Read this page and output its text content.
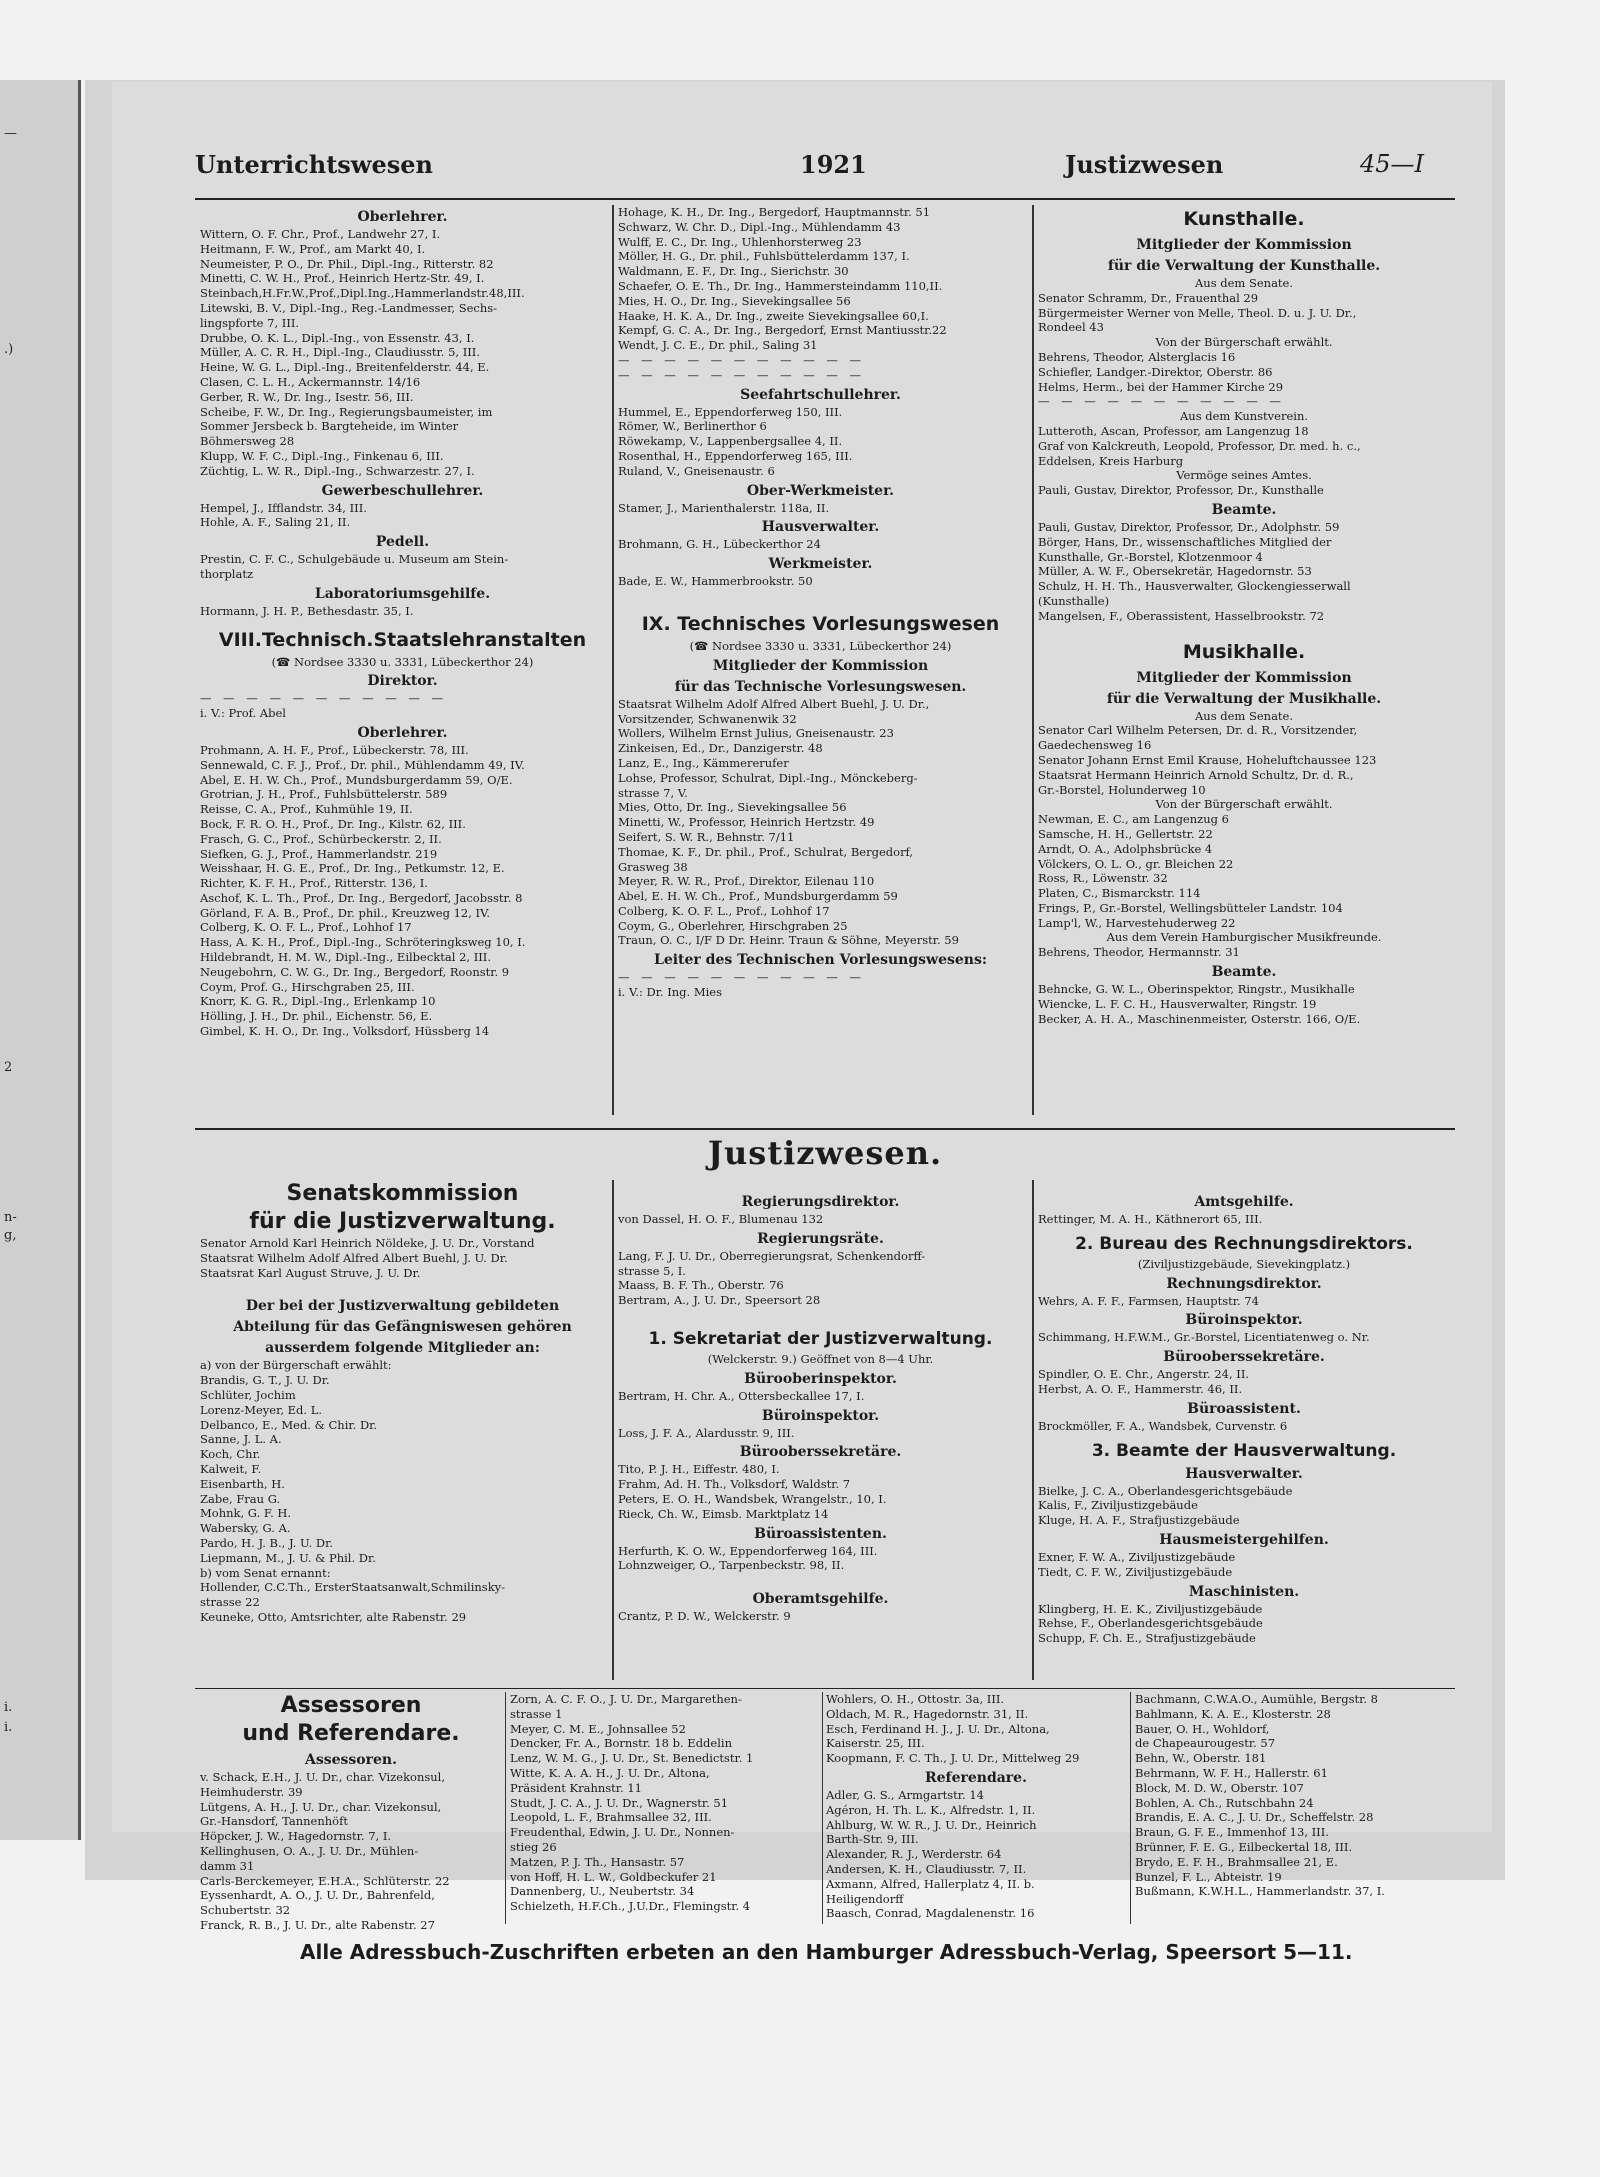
—
.)
2
n-
g,
i.
i.
Unterrichtswesen	1921	Justizwesen	45—I

Oberlehrer.

Wittern, O. F. Chr., Prof., Landwehr 27, I.

Heitmann, F. W., Prof., am Markt 40, I.

Neumeister, P. O., Dr. Phil., Dipl.-Ing., Ritterstr. 82

Minetti, C. W. H., Prof., Heinrich Hertz-Str. 49, I.

Steinbach,H.Fr.W.,Prof.,Dipl.Ing.,Hammerlandstr.48,III.

Litewski, B. V., Dipl.-Ing., Reg.-Landmesser, Sechs-

lingspforte 7, III.

Drubbe, O. K. L., Dipl.-Ing., von Essenstr. 43, I.

Müller, A. C. R. H., Dipl.-Ing., Claudiusstr. 5, III.

Heine, W. G. L., Dipl.-Ing., Breitenfelderstr. 44, E.

Clasen, C. L. H., Ackermannstr. 14/16

Gerber, R. W., Dr. Ing., Isestr. 56, III.

Scheibe, F. W., Dr. Ing., Regierungsbaumeister, im

Sommer Jersbeck b. Bargteheide, im Winter

Böhmersweg 28

Klupp, W. F. C., Dipl.-Ing., Finkenau 6, III.

Züchtig, L. W. R., Dipl.-Ing., Schwarzestr. 27, I.

Gewerbeschullehrer.

Hempel, J., Ifflandstr. 34, III.

Hohle, A. F., Saling 21, II.

Pedell.

Prestin, C. F. C., Schulgebäude u. Museum am Stein-

thorplatz

Laboratoriumsgehilfe.

Hormann, J. H. P., Bethesdastr. 35, I.

VIII.Technisch.Staatslehranstalten

(☎ Nordsee 3330 u. 3331, Lübeckerthor 24)

Direktor.

— — — — — — — — — — —

i. V.: Prof. Abel

Oberlehrer.

Prohmann, A. H. F., Prof., Lübeckerstr. 78, III.

Sennewald, C. F. J., Prof., Dr. phil., Mühlendamm 49, IV.

Abel, E. H. W. Ch., Prof., Mundsburgerdamm 59, O/E.

Grotrian, J. H., Prof., Fuhlsbüttelerstr. 589

Reisse, C. A., Prof., Kuhmühle 19, II.

Bock, F. R. O. H., Prof., Dr. Ing., Kilstr. 62, III.

Frasch, G. C., Prof., Schürbeckerstr. 2, II.

Siefken, G. J., Prof., Hammerlandstr. 219

Weisshaar, H. G. E., Prof., Dr. Ing., Petkumstr. 12, E.

Richter, K. F. H., Prof., Ritterstr. 136, I.

Aschof, K. L. Th., Prof., Dr. Ing., Bergedorf, Jacobsstr. 8

Görland, F. A. B., Prof., Dr. phil., Kreuzweg 12, IV.

Colberg, K. O. F. L., Prof., Lohhof 17

Hass, A. K. H., Prof., Dipl.-Ing., Schröteringksweg 10, I.

Hildebrandt, H. M. W., Dipl.-Ing., Eilbecktal 2, III.

Neugebohrn, C. W. G., Dr. Ing., Bergedorf, Roonstr. 9

Coym, Prof. G., Hirschgraben 25, III.

Knorr, K. G. R., Dipl.-Ing., Erlenkamp 10

Hölling, J. H., Dr. phil., Eichenstr. 56, E.

Gimbel, K. H. O., Dr. Ing., Volksdorf, Hüssberg 14

Hohage, K. H., Dr. Ing., Bergedorf, Hauptmannstr. 51

Schwarz, W. Chr. D., Dipl.-Ing., Mühlendamm 43

Wulff, E. C., Dr. Ing., Uhlenhorsterweg 23

Möller, H. G., Dr. phil., Fuhlsbüttelerdamm 137, I.

Waldmann, E. F., Dr. Ing., Sierichstr. 30

Schaefer, O. E. Th., Dr. Ing., Hammersteindamm 110,II.

Mies, H. O., Dr. Ing., Sievekingsallee 56

Haake, H. K. A., Dr. Ing., zweite Sievekingsallee 60,I.

Kempf, G. C. A., Dr. Ing., Bergedorf, Ernst Mantiusstr.22

Wendt, J. C. E., Dr. phil., Saling 31

— — — — — — — — — — —

— — — — — — — — — — —

Seefahrtschullehrer.

Hummel, E., Eppendorferweg 150, III.

Römer, W., Berlinerthor 6

Röwekamp, V., Lappenbergsallee 4, II.

Rosenthal, H., Eppendorferweg 165, III.

Ruland, V., Gneisenaustr. 6

Ober-Werkmeister.

Stamer, J., Marienthalerstr. 118a, II.

Hausverwalter.

Brohmann, G. H., Lübeckerthor 24

Werkmeister.

Bade, E. W., Hammerbrookstr. 50

IX. Technisches Vorlesungswesen

(☎ Nordsee 3330 u. 3331, Lübeckerthor 24)

Mitglieder der Kommission

für das Technische Vorlesungswesen.

Staatsrat Wilhelm Adolf Alfred Albert Buehl, J. U. Dr.,

Vorsitzender, Schwanenwik 32

Wollers, Wilhelm Ernst Julius, Gneisenaustr. 23

Zinkeisen, Ed., Dr., Danzigerstr. 48

Lanz, E., Ing., Kämmererufer

Lohse, Professor, Schulrat, Dipl.-Ing., Mönckeberg-

strasse 7, V.

Mies, Otto, Dr. Ing., Sievekingsallee 56

Minetti, W., Professor, Heinrich Hertzstr. 49

Seifert, S. W. R., Behnstr. 7/11

Thomae, K. F., Dr. phil., Prof., Schulrat, Bergedorf,

Grasweg 38

Meyer, R. W. R., Prof., Direktor, Eilenau 110

Abel, E. H. W. Ch., Prof., Mundsburgerdamm 59

Colberg, K. O. F. L., Prof., Lohhof 17

Coym, G., Oberlehrer, Hirschgraben 25

Traun, O. C., I/F D Dr. Heinr. Traun & Söhne, Meyerstr. 59

Leiter des Technischen Vorlesungswesens:

— — — — — — — — — — —

i. V.: Dr. Ing. Mies

Kunsthalle.

Mitglieder der Kommission

für die Verwaltung der Kunsthalle.

Aus dem Senate.

Senator Schramm, Dr., Frauenthal 29

Bürgermeister Werner von Melle, Theol. D. u. J. U. Dr.,

Rondeel 43

Von der Bürgerschaft erwählt.

Behrens, Theodor, Alsterglacis 16

Schiefler, Landger.-Direktor, Oberstr. 86

Helms, Herm., bei der Hammer Kirche 29

— — — — — — — — — — —

Aus dem Kunstverein.

Lutteroth, Ascan, Professor, am Langenzug 18

Graf von Kalckreuth, Leopold, Professor, Dr. med. h. c.,

Eddelsen, Kreis Harburg

Vermöge seines Amtes.

Pauli, Gustav, Direktor, Professor, Dr., Kunsthalle

Beamte.

Pauli, Gustav, Direktor, Professor, Dr., Adolphstr. 59

Börger, Hans, Dr., wissenschaftliches Mitglied der

Kunsthalle, Gr.-Borstel, Klotzenmoor 4

Müller, A. W. F., Obersekretär, Hagedornstr. 53

Schulz, H. H. Th., Hausverwalter, Glockengiesserwall

(Kunsthalle)

Mangelsen, F., Oberassistent, Hasselbrookstr. 72

Musikhalle.

Mitglieder der Kommission

für die Verwaltung der Musikhalle.

Aus dem Senate.

Senator Carl Wilhelm Petersen, Dr. d. R., Vorsitzender,

Gaedechensweg 16

Senator Johann Ernst Emil Krause, Hoheluftchaussee 123

Staatsrat Hermann Heinrich Arnold Schultz, Dr. d. R.,

Gr.-Borstel, Holunderweg 10

Von der Bürgerschaft erwählt.

Newman, E. C., am Langenzug 6

Samsche, H. H., Gellertstr. 22

Arndt, O. A., Adolphsbrücke 4

Völckers, O. L. O., gr. Bleichen 22

Ross, R., Löwenstr. 32

Platen, C., Bismarckstr. 114

Frings, P., Gr.-Borstel, Wellingsbütteler Landstr. 104

Lamp'l, W., Harvestehuderweg 22

Aus dem Verein Hamburgischer Musikfreunde.

Behrens, Theodor, Hermannstr. 31

Beamte.

Behncke, G. W. L., Oberinspektor, Ringstr., Musikhalle

Wiencke, L. F. C. H., Hausverwalter, Ringstr. 19

Becker, A. H. A., Maschinenmeister, Osterstr. 166, O/E.

Justizwesen.

Senatskommission

für die Justizverwaltung.

Senator Arnold Karl Heinrich Nöldeke, J. U. Dr., Vorstand

Staatsrat Wilhelm Adolf Alfred Albert Buehl, J. U. Dr.

Staatsrat Karl August Struve, J. U. Dr.

Der bei der Justizverwaltung gebildeten

Abteilung für das Gefängniswesen gehören

ausserdem folgende Mitglieder an:

a) von der Bürgerschaft erwählt:

Brandis, G. T., J. U. Dr.

Schlüter, Jochim

Lorenz-Meyer, Ed. L.

Delbanco, E., Med. & Chir. Dr.

Sanne, J. L. A.

Koch, Chr.

Kalweit, F.

Eisenbarth, H.

Zabe, Frau G.

Mohnk, G. F. H.

Wabersky, G. A.

Pardo, H. J. B., J. U. Dr.

Liepmann, M., J. U. & Phil. Dr.

b) vom Senat ernannt:

Hollender, C.C.Th., ErsterStaatsanwalt,Schmilinsky-

strasse 22

Keuneke, Otto, Amtsrichter, alte Rabenstr. 29

Regierungsdirektor.

von Dassel, H. O. F., Blumenau 132

Regierungsräte.

Lang, F. J. U. Dr., Oberregierungsrat, Schenkendorff-

strasse 5, I.

Maass, B. F. Th., Oberstr. 76

Bertram, A., J. U. Dr., Speersort 28

1. Sekretariat der Justizverwaltung.

(Welckerstr. 9.) Geöffnet von 8—4 Uhr.

Bürooberinspektor.

Bertram, H. Chr. A., Ottersbeckallee 17, I.

Büroinspektor.

Loss, J. F. A., Alardusstr. 9, III.

Bürooberssekretäre.

Tito, P. J. H., Eiffestr. 480, I.

Frahm, Ad. H. Th., Volksdorf, Waldstr. 7

Peters, E. O. H., Wandsbek, Wrangelstr., 10, I.

Rieck, Ch. W., Eimsb. Marktplatz 14

Büroassistenten.

Herfurth, K. O. W., Eppendorferweg 164, III.

Lohnzweiger, O., Tarpenbeckstr. 98, II.

Oberamtsgehilfe.

Crantz, P. D. W., Welckerstr. 9

Amtsgehilfe.

Rettinger, M. A. H., Käthnerort 65, III.

2. Bureau des Rechnungsdirektors.

(Ziviljustizgebäude, Sievekingplatz.)

Rechnungsdirektor.

Wehrs, A. F. F., Farmsen, Hauptstr. 74

Büroinspektor.

Schimmang, H.F.W.M., Gr.-Borstel, Licentiatenweg o. Nr.

Bürooberssekretäre.

Spindler, O. E. Chr., Angerstr. 24, II.

Herbst, A. O. F., Hammerstr. 46, II.

Büroassistent.

Brockmöller, F. A., Wandsbek, Curvenstr. 6

3. Beamte der Hausverwaltung.

Hausverwalter.

Bielke, J. C. A., Oberlandesgerichtsgebäude

Kalis, F., Ziviljustizgebäude

Kluge, H. A. F., Strafjustizgebäude

Hausmeistergehilfen.

Exner, F. W. A., Ziviljustizgebäude

Tiedt, C. F. W., Ziviljustizgebäude

Maschinisten.

Klingberg, H. E. K., Ziviljustizgebäude

Rehse, F., Oberlandesgerichtsgebäude

Schupp, F. Ch. E., Strafjustizgebäude

Assessoren

und Referendare.

Assessoren.

v. Schack, E.H., J. U. Dr., char. Vizekonsul,

Heimhuderstr. 39

Lütgens, A. H., J. U. Dr., char. Vizekonsul,

Gr.-Hansdorf, Tannenhöft

Höpcker, J. W., Hagedornstr. 7, I.

Kellinghusen, O. A., J. U. Dr., Mühlen-

damm 31

Carls-Berckemeyer, E.H.A., Schlüterstr. 22

Eyssenhardt, A. O., J. U. Dr., Bahrenfeld,

Schubertstr. 32

Franck, R. B., J. U. Dr., alte Rabenstr. 27

Zorn, A. C. F. O., J. U. Dr., Margarethen-

strasse 1

Meyer, C. M. E., Johnsallee 52

Dencker, Fr. A., Bornstr. 18 b. Eddelin

Lenz, W. M. G., J. U. Dr., St. Benedictstr. 1

Witte, K. A. A. H., J. U. Dr., Altona,

Präsident Krahnstr. 11

Studt, J. C. A., J. U. Dr., Wagnerstr. 51

Leopold, L. F., Brahmsallee 32, III.

Freudenthal, Edwin, J. U. Dr., Nonnen-

stieg 26

Matzen, P. J. Th., Hansastr. 57

von Hoff, H. L. W., Goldbeckufer 21

Dannenberg, U., Neubertstr. 34

Schielzeth, H.F.Ch., J.U.Dr., Flemingstr. 4

Wohlers, O. H., Ottostr. 3a, III.

Oldach, M. R., Hagedornstr. 31, II.

Esch, Ferdinand H. J., J. U. Dr., Altona,

Kaiserstr. 25, III.

Koopmann, F. C. Th., J. U. Dr., Mittelweg 29

Referendare.

Adler, G. S., Armgartstr. 14

Agéron, H. Th. L. K., Alfredstr. 1, II.

Ahlburg, W. W. R., J. U. Dr., Heinrich

Barth-Str. 9, III.

Alexander, R. J., Werderstr. 64

Andersen, K. H., Claudiusstr. 7, II.

Axmann, Alfred, Hallerplatz 4, II. b.

Heiligendorff

Baasch, Conrad, Magdalenenstr. 16

Bachmann, C.W.A.O., Aumühle, Bergstr. 8

Bahlmann, K. A. E., Klosterstr. 28

Bauer, O. H., Wohldorf,

de Chapeaurougestr. 57

Behn, W., Oberstr. 181

Behrmann, W. F. H., Hallerstr. 61

Block, M. D. W., Oberstr. 107

Bohlen, A. Ch., Rutschbahn 24

Brandis, E. A. C., J. U. Dr., Scheffelstr. 28

Braun, G. F. E., Immenhof 13, III.

Brünner, F. E. G., Eilbeckertal 18, III.

Brydo, E. F. H., Brahmsallee 21, E.

Bunzel, F. L., Abteistr. 19

Bußmann, K.W.H.L., Hammerlandstr. 37, I.

Alle Adressbuch-Zuschriften erbeten an den Hamburger Adressbuch-Verlag, Speersort 5—11.
